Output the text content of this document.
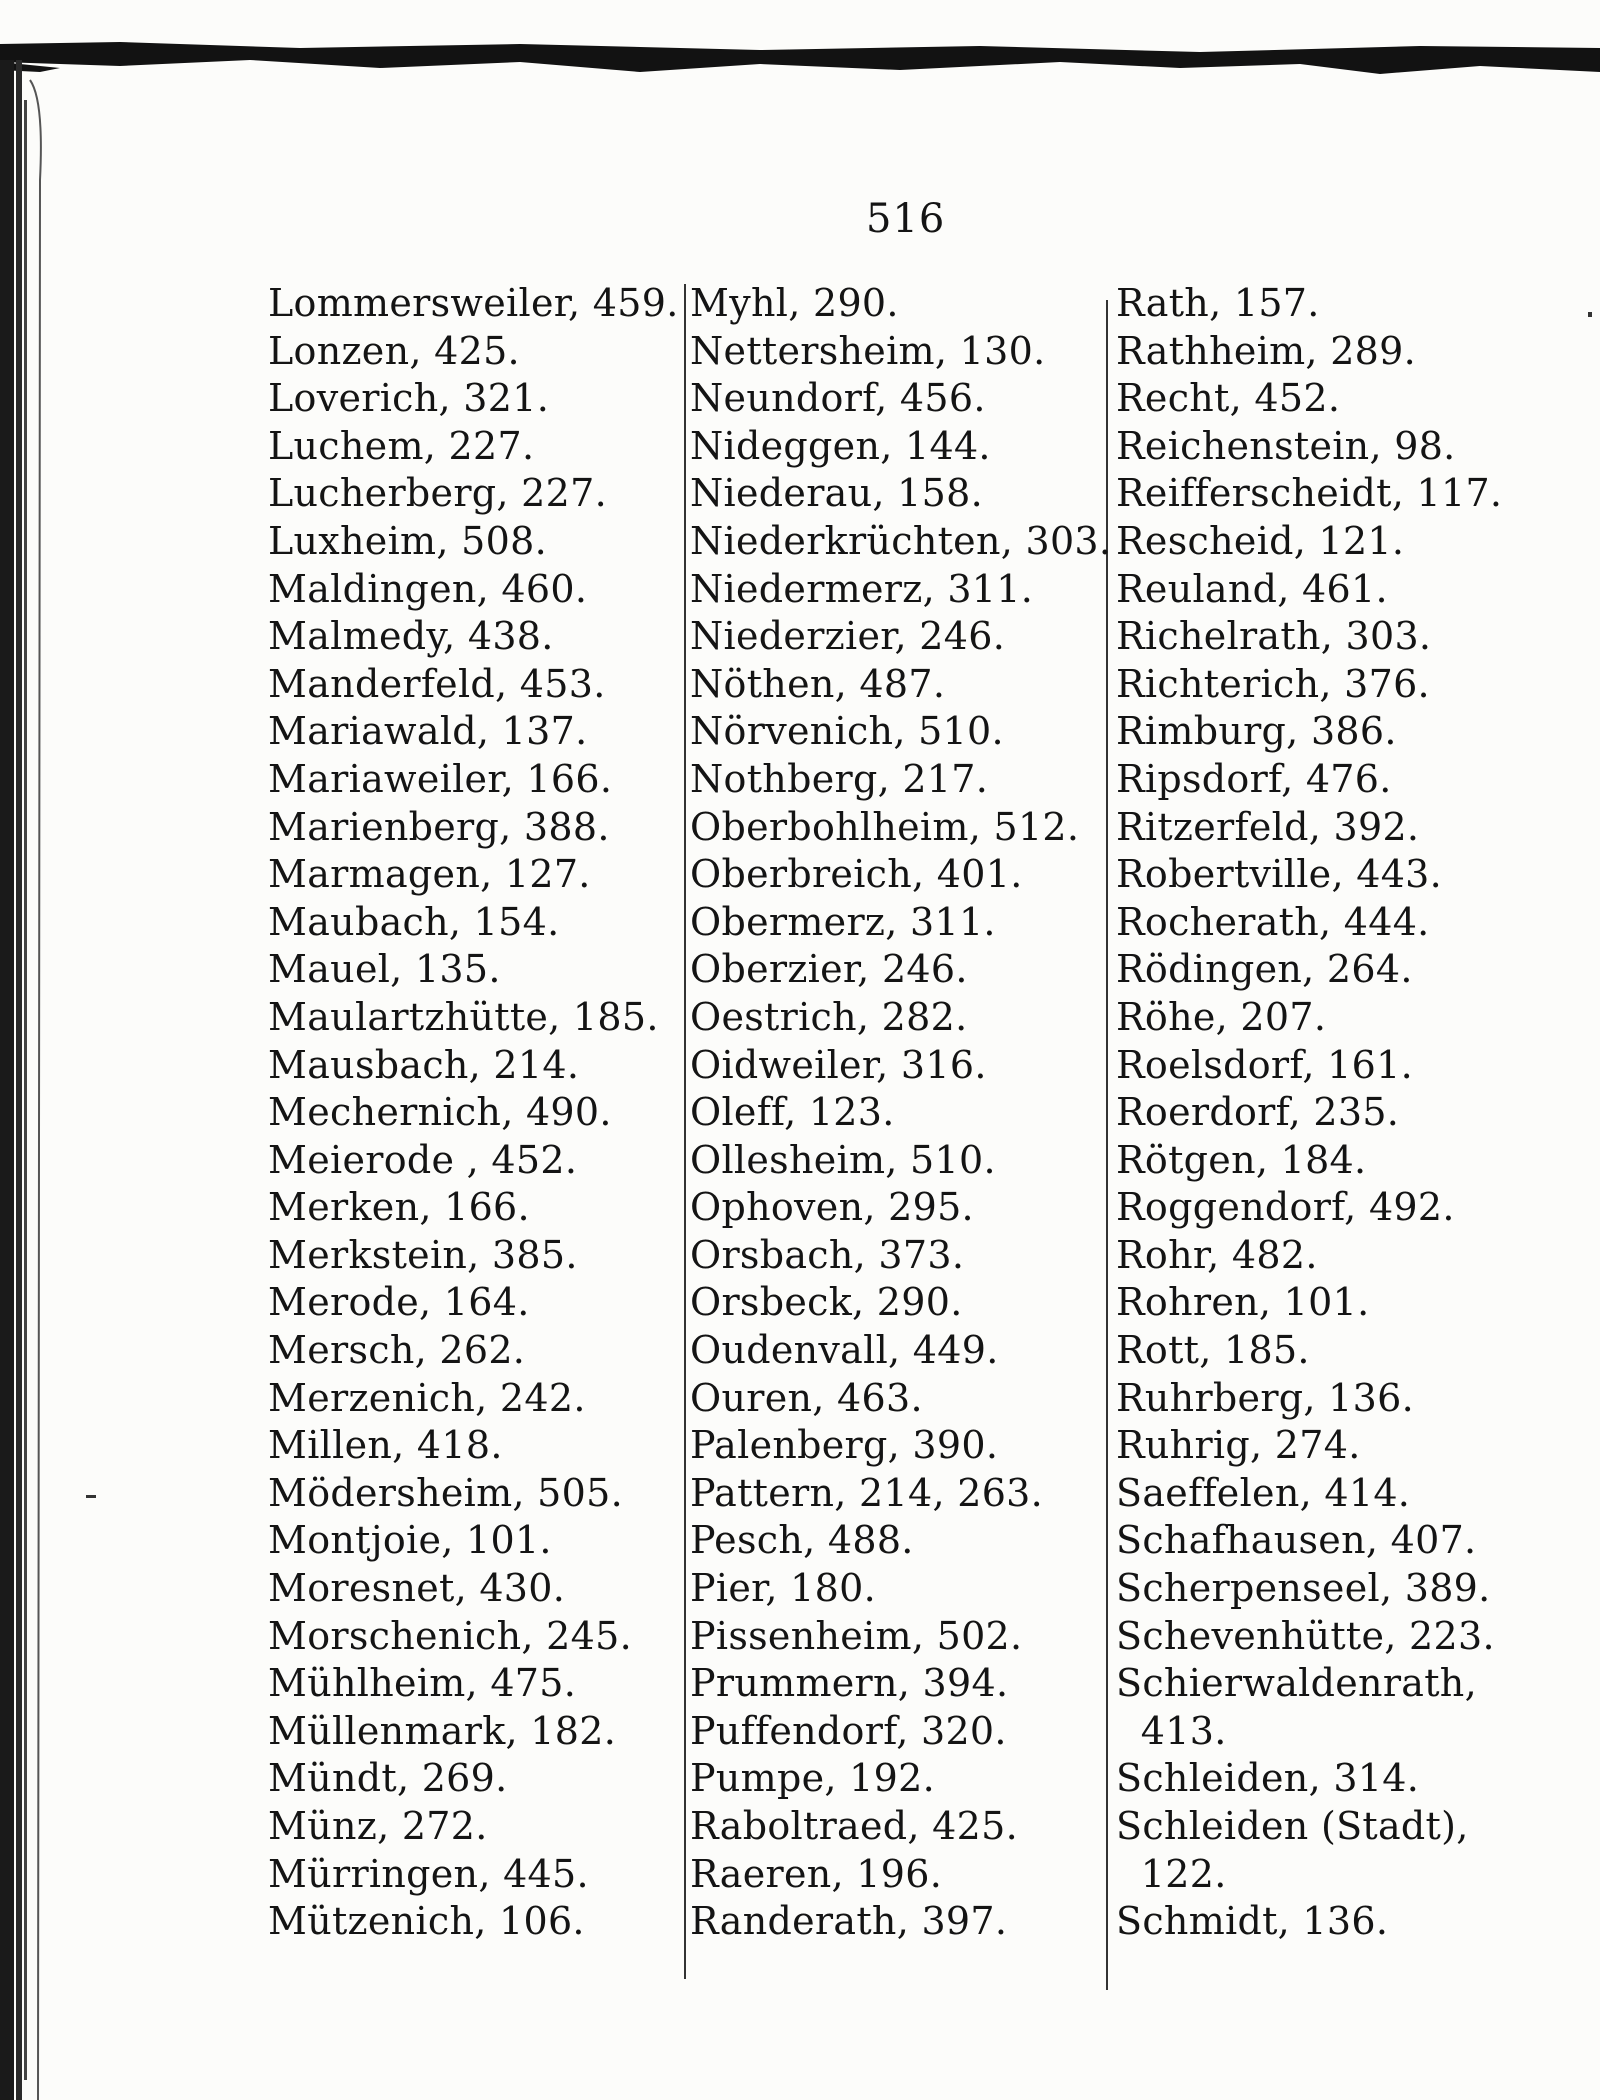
516
Lommersweiler, 459.
Lonzen, 425.
Loverich, 321.
Luchem, 227.
Lucherberg, 227.
Luxheim, 508.
Maldingen, 460.
Malmedy, 438.
Manderfeld, 453.
Mariawald, 137.
Mariaweiler, 166.
Marienberg, 388.
Marmagen, 127.
Maubach, 154.
Mauel, 135.
Maulartzhütte, 185.
Mausbach, 214.
Mechernich, 490.
Meierode , 452.
Merken, 166.
Merkstein, 385.
Merode, 164.
Mersch, 262.
Merzenich, 242.
Millen, 418.
Mödersheim, 505.
Montjoie, 101.
Moresnet, 430.
Morschenich, 245.
Mühlheim, 475.
Müllenmark, 182.
Mündt, 269.
Münz, 272.
Mürringen, 445.
Mützenich, 106.
Myhl, 290.
Nettersheim, 130.
Neundorf, 456.
Nideggen, 144.
Niederau, 158.
Niederkrüchten, 303.
Niedermerz, 311.
Niederzier, 246.
Nöthen, 487.
Nörvenich, 510.
Nothberg, 217.
Oberbohlheim, 512.
Oberbreich, 401.
Obermerz, 311.
Oberzier, 246.
Oestrich, 282.
Oidweiler, 316.
Oleff, 123.
Ollesheim, 510.
Ophoven, 295.
Orsbach, 373.
Orsbeck, 290.
Oudenvall, 449.
Ouren, 463.
Palenberg, 390.
Pattern, 214, 263.
Pesch, 488.
Pier, 180.
Pissenheim, 502.
Prummern, 394.
Puffendorf, 320.
Pumpe, 192.
Raboltraed, 425.
Raeren, 196.
Randerath, 397.
Rath, 157.
Rathheim, 289.
Recht, 452.
Reichenstein, 98.
Reifferscheidt, 117.
Rescheid, 121.
Reuland, 461.
Richelrath, 303.
Richterich, 376.
Rimburg, 386.
Ripsdorf, 476.
Ritzerfeld, 392.
Robertville, 443.
Rocherath, 444.
Rödingen, 264.
Röhe, 207.
Roelsdorf, 161.
Roerdorf, 235.
Rötgen, 184.
Roggendorf, 492.
Rohr, 482.
Rohren, 101.
Rott, 185.
Ruhrberg, 136.
Ruhrig, 274.
Saeffelen, 414.
Schafhausen, 407.
Scherpenseel, 389.
Schevenhütte, 223.
Schierwaldenrath,
413.
Schleiden, 314.
Schleiden (Stadt),
122.
Schmidt, 136.
